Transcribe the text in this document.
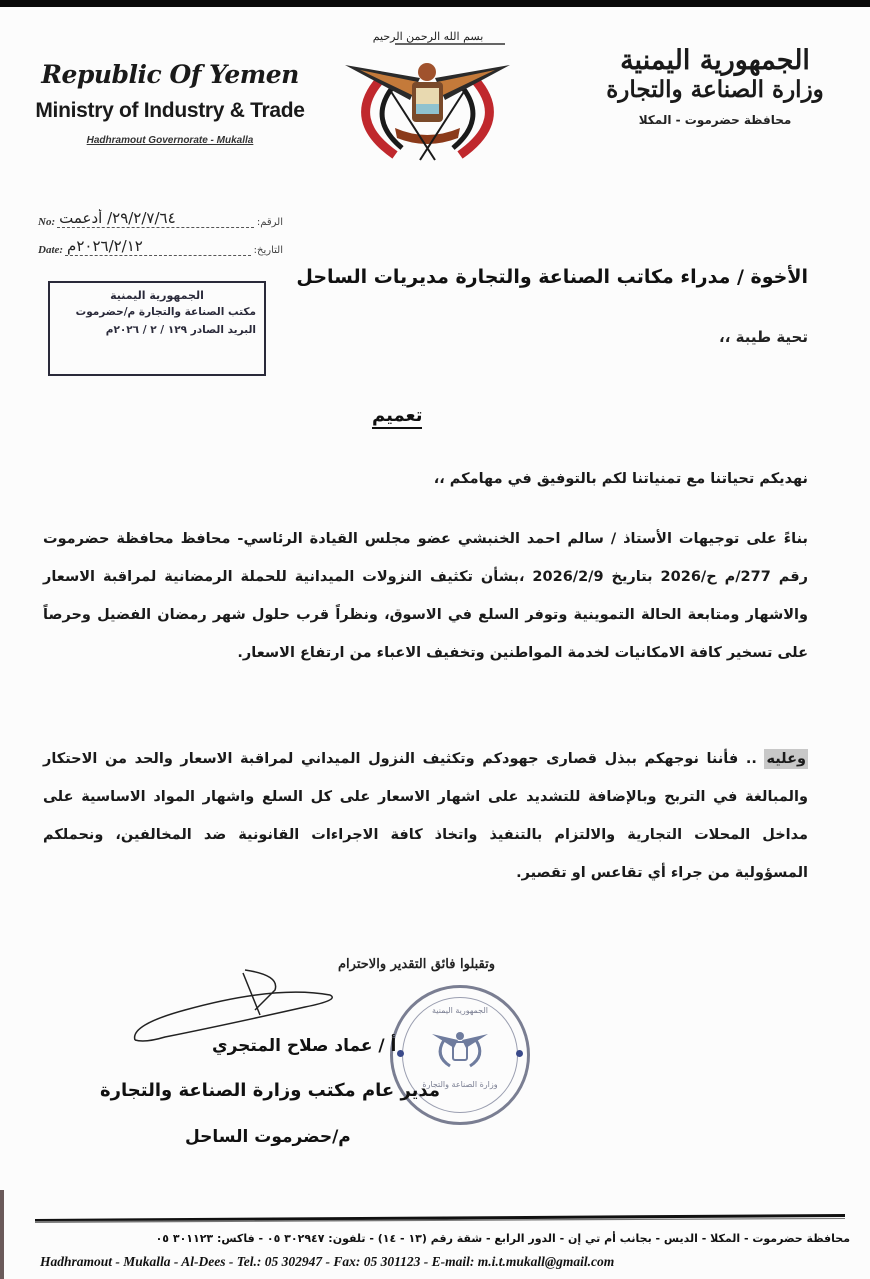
Republic Of Yemen
Ministry of Industry & Trade
Hadhramout Governorate - Mukalla
No: ٢٩/٢/٧/٦٤/ أدعمت	الرقم:
Date: ٢٠٢٦/٢/١٢م	التاريخ:
بسم الله الرحمن الرحيم
الجمهورية اليمنية
وزارة الصناعة والتجارة
محافظة حضرموت - المكلا
الجمهورية اليمنية
مكتب الصناعة والتجارة م/حضرموت
البريد الصادر ١٢٩ / ٢ / ٢٠٢٦م
الأخوة / مدراء مكاتب الصناعة والتجارة مديريات الساحل
تحية طيبة ،،
تعميم
نهديكم تحياتنا مع تمنياتنا لكم بالتوفيق في مهامكم ،،
بناءً على توجيهات الأستاذ / سالم احمد الخنبشي عضو مجلس القيادة الرئاسي- محافظ محافظة حضرموت رقم 277/م ح/2026 بتاريخ 2026/2/9 ،بشأن تكثيف النزولات الميدانية للحملة الرمضانية لمراقبة الاسعار والاشهار ومتابعة الحالة التموينية وتوفر السلع في الاسوق، ونظراً قرب حلول شهر رمضان الفضيل وحرصاً على تسخير كافة الامكانيات لخدمة المواطنين وتخفيف الاعباء من ارتفاع الاسعار.
وعليه .. فأننا نوجهكم ببذل قصارى جهودكم وتكثيف النزول الميداني لمراقبة الاسعار والحد من الاحتكار والمبالغة في التربح وبالإضافة للتشديد على اشهار الاسعار على كل السلع واشهار المواد الاساسية على مداخل المحلات التجارية والالتزام بالتنفيذ واتخاذ كافة الاجراءات القانونية ضد المخالفين، ونحملكم المسؤولية من جراء أي تقاعس او تقصير.
وتقبلوا فائق التقدير والاحترام
الجمهورية اليمنية
وزارة الصناعة والتجارة
أ / عماد صلاح المتجري
مدير عام مكتب وزارة الصناعة والتجارة
م/حضرموت الساحل
محافظة حضرموت - المكلا - الديس - بجانب أم تي إن - الدور الرابع - شقة رقم (١٣ - ١٤) - تلفون: ٣٠٢٩٤٧ ٠٥ - فاكس: ٣٠١١٢٣ ٠٥
Hadhramout - Mukalla - Al-Dees - Tel.: 05 302947 - Fax: 05 301123 - E-mail: m.i.t.mukall@gmail.com
